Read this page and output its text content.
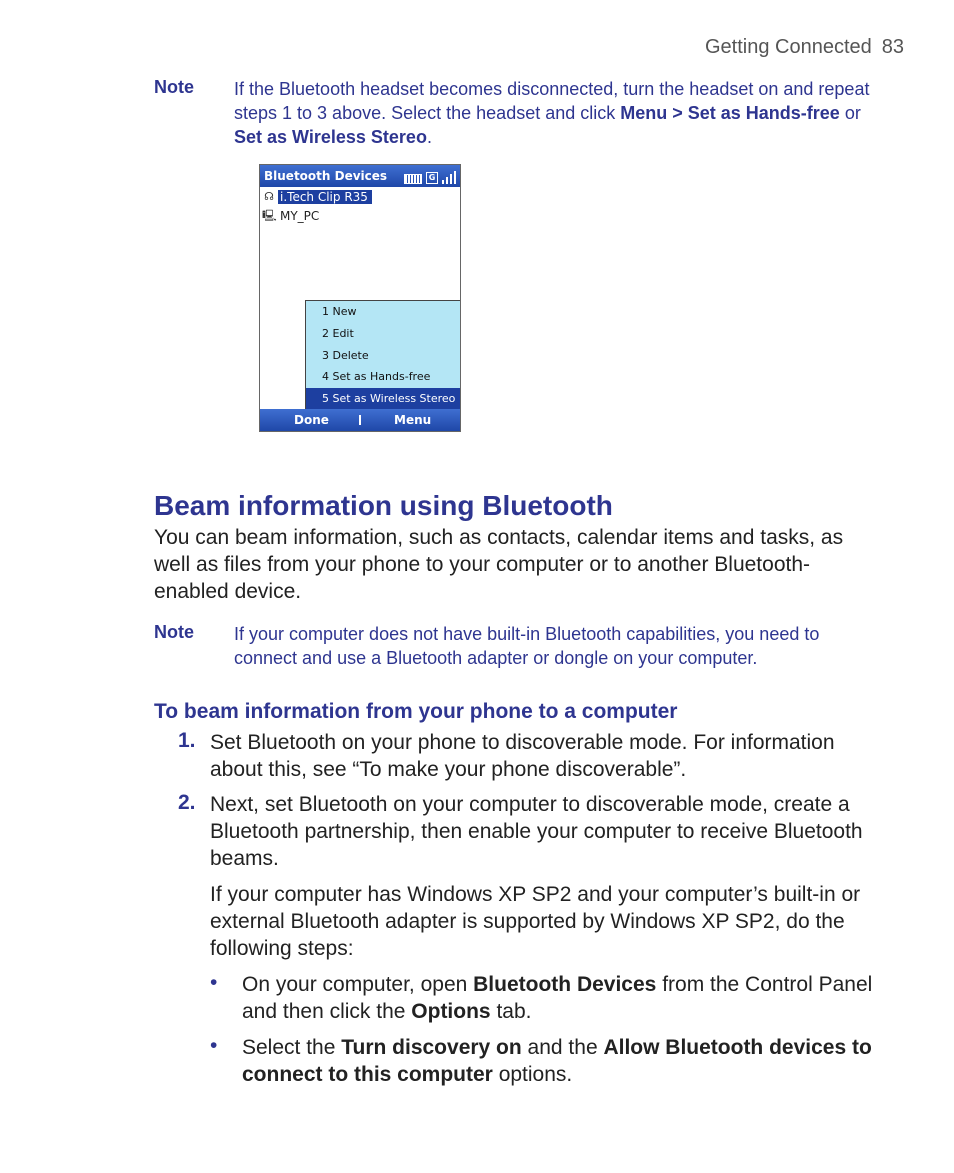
Getting Connected 83
Note If the Bluetooth headset becomes disconnected, turn the headset on and repeat steps 1 to 3 above. Select the headset and click Menu > Set as Hands-free or Set as Wireless Stereo.
Bluetooth Devices	G
☊ i.Tech Clip R35
🖳 MY_PC
1 New
2 Edit
3 Delete
4 Set as Hands-free
5 Set as Wireless Stereo
Done	Menu
Beam information using Bluetooth
You can beam information, such as contacts, calendar items and tasks, as well as files from your phone to your computer or to another Bluetooth-enabled device.
Note If your computer does not have built-in Bluetooth capabilities, you need to connect and use a Bluetooth adapter or dongle on your computer.
To beam information from your phone to a computer
1. Set Bluetooth on your phone to discoverable mode. For information about this, see “To make your phone discoverable”.
2. Next, set Bluetooth on your computer to discoverable mode, create a Bluetooth partnership, then enable your computer to receive Bluetooth beams.
If your computer has Windows XP SP2 and your computer’s built-in or external Bluetooth adapter is supported by Windows XP SP2, do the following steps:
• On your computer, open Bluetooth Devices from the Control Panel and then click the Options tab.
• Select the Turn discovery on and the Allow Bluetooth devices to connect to this computer options.
